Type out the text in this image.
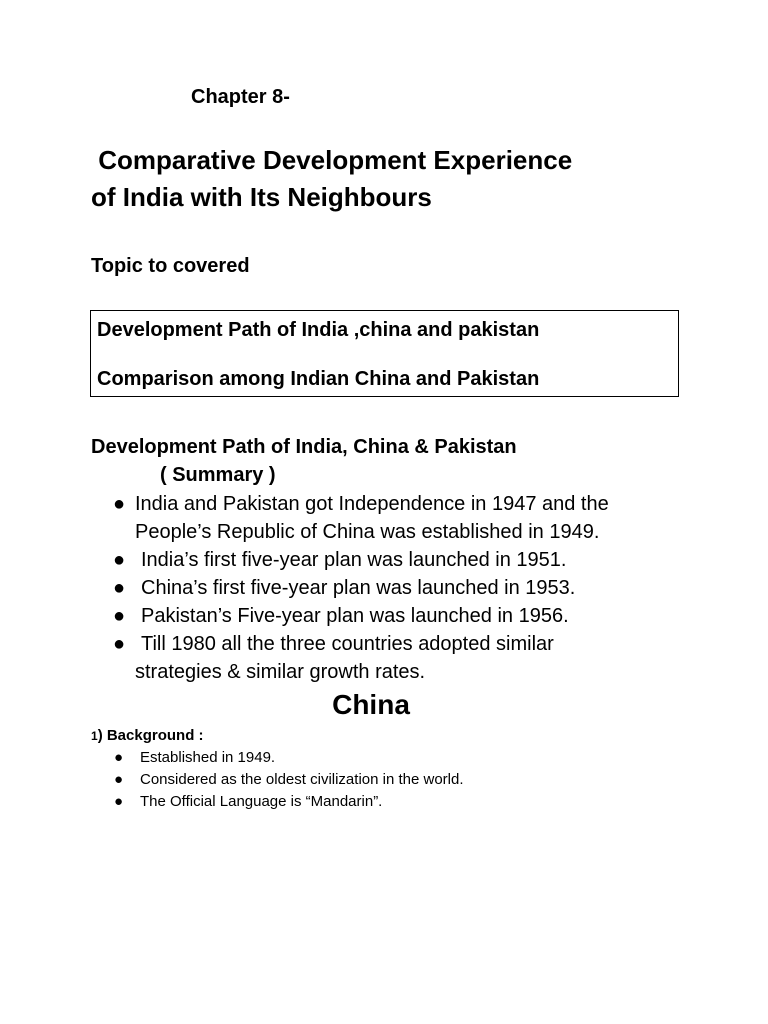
Chapter 8-
Comparative Development Experience
of India with Its Neighbours
Topic to covered
Development Path of India ,china and pakistan
Comparison among Indian China and Pakistan
Development Path of India, China & Pakistan
( Summary )
● India and Pakistan got Independence in 1947 and the
People’s Republic of China was established in 1949.
● India’s first five-year plan was launched in 1951.
● China’s first five-year plan was launched in 1953.
● Pakistan’s Five-year plan was launched in 1956.
● Till 1980 all the three countries adopted similar
strategies & similar growth rates.
China
1) Background :
● Established in 1949.
● Considered as the oldest civilization in the world.
● The Official Language is “Mandarin”.
